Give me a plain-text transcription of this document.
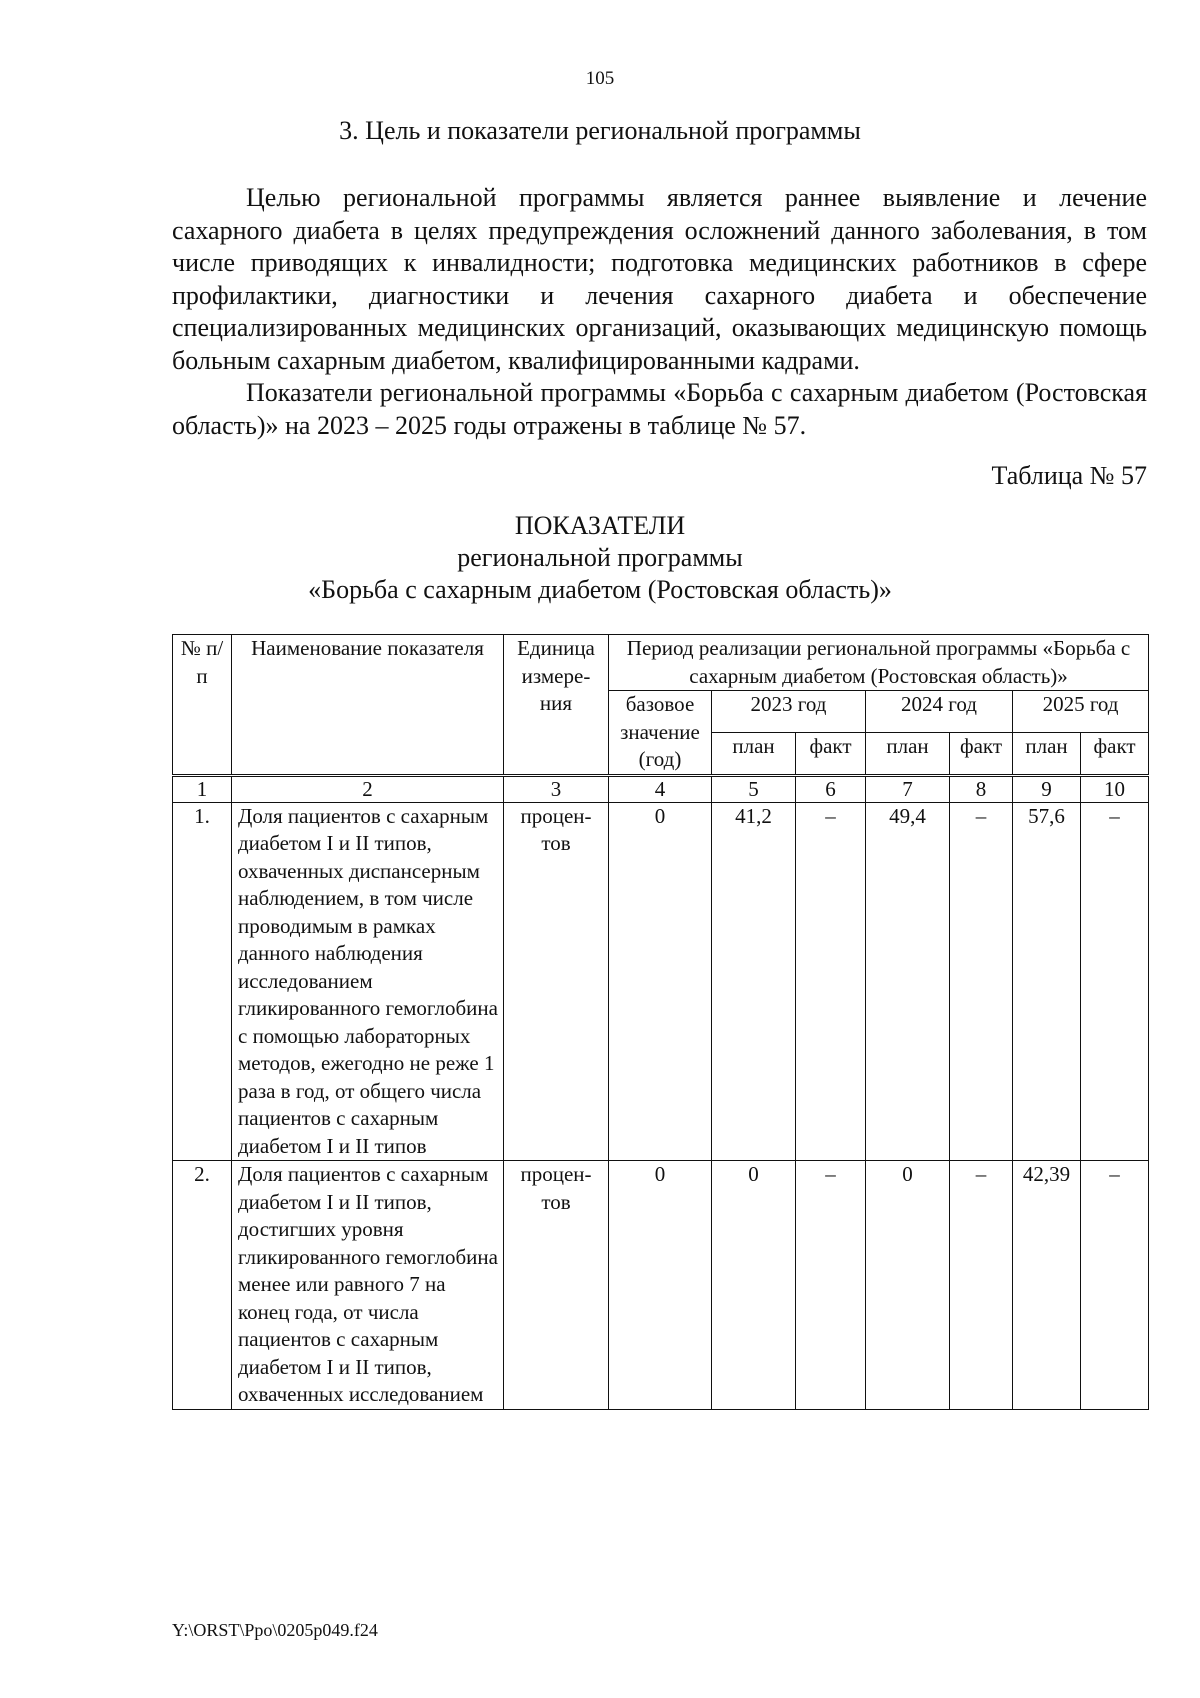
105
3. Цель и показатели региональной программы

Целью региональной программы является раннее выявление и лечение сахарного диабета в целях предупреждения осложнений данного заболевания, в том числе приводящих к инвалидности; подготовка медицинских работников в сфере профилактики, диагностики и лечения сахарного диабета и обеспечение специализированных медицинских организаций, оказывающих медицинскую помощь больным сахарным диабетом, квалифицированными кадрами.

Показатели региональной программы «Борьба с сахарным диабетом (Ростовская область)» на 2023 – 2025 годы отражены в таблице № 57.

Таблица № 57
ПОКАЗАТЕЛИ
региональной программы
«Борьба с сахарным диабетом (Ростовская область)»
№ п/п	Наименование показателя	Единица измере-ния	Период реализации региональной программы «Борьба с сахарным диабетом (Ростовская область)»						
			базовое значение (год)	2023 год		2024 год		2025 год	
				план	факт	план	факт	план	факт
1	2	3	4	5	6	7	8	9	10
1.	Доля пациентов с сахарным диабетом I и II типов, охваченных диспансерным наблюдением, в том числе проводимым в рамках данного наблюдения исследованием гликированного гемоглобина с помощью лабораторных методов, ежегодно не реже 1 раза в год, от общего числа пациентов с сахарным диабетом I и II типов	процен-тов	0	41,2	–	49,4	–	57,6	–
2.	Доля пациентов с сахарным диабетом I и II типов, достигших уровня гликированного гемоглобина менее или равного 7 на конец года, от числа пациентов с сахарным диабетом I и II типов, охваченных исследованием	процен-тов	0	0	–	0	–	42,39	–
Y:\ORST\Ppo\0205p049.f24
